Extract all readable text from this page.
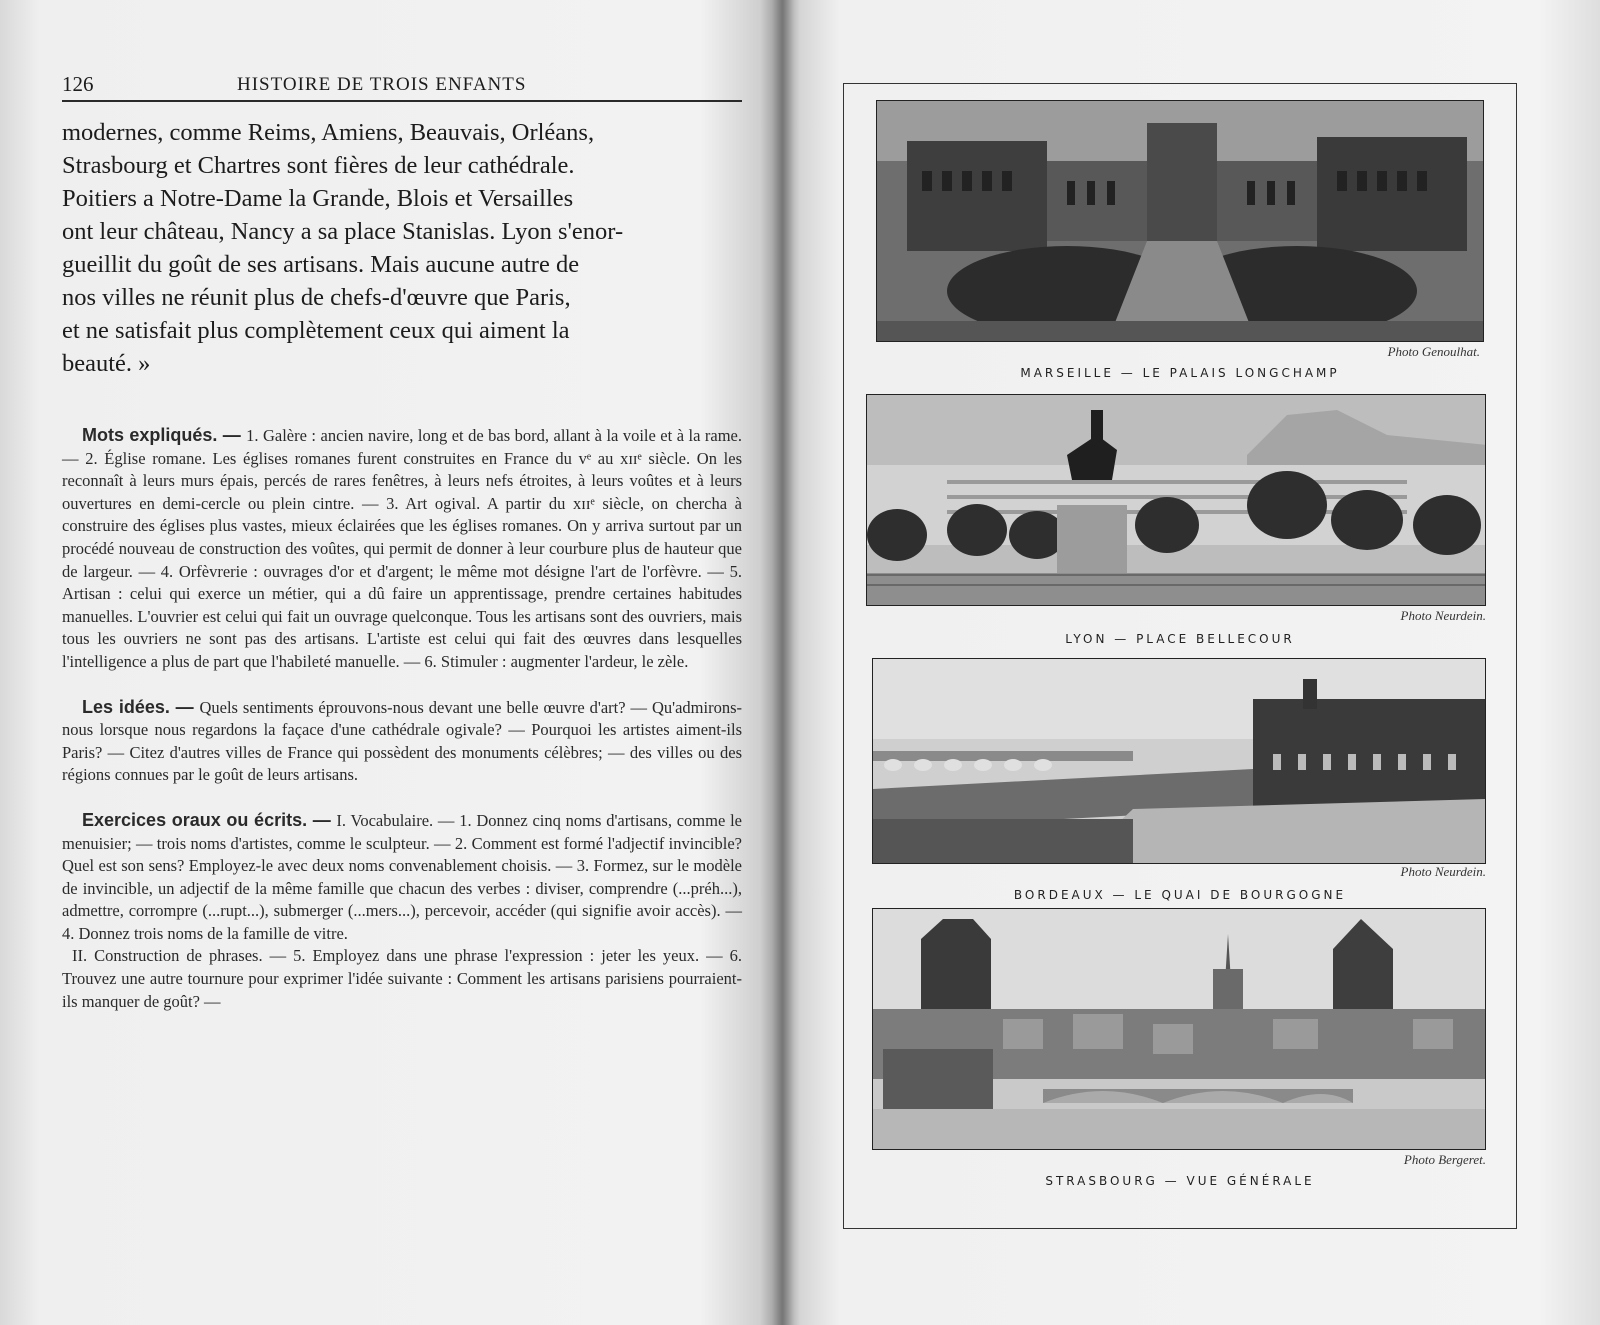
126	HISTOIRE DE TROIS ENFANTS
modernes, comme Reims, Amiens, Beauvais, Orléans,
Strasbourg et Chartres sont fières de leur cathédrale.
Poitiers a Notre-Dame la Grande, Blois et Versailles
ont leur château, Nancy a sa place Stanislas. Lyon s'enor-
gueillit du goût de ses artisans. Mais aucune autre de
nos villes ne réunit plus de chefs-d'œuvre que Paris,
et ne satisfait plus complètement ceux qui aiment la
beauté. »

Mots expliqués. — 1. Galère : ancien navire, long et de bas bord, allant à la voile et à la rame. — 2. Église romane. Les églises romanes furent construites en France du vᵉ au xɪɪᵉ siècle. On les reconnaît à leurs murs épais, percés de rares fenêtres, à leurs nefs étroites, à leurs voûtes et à leurs ouvertures en demi-cercle ou plein cintre. — 3. Art ogival. A partir du xɪɪᵉ siècle, on chercha à construire des églises plus vastes, mieux éclairées que les églises romanes. On y arriva surtout par un procédé nouveau de construction des voûtes, qui permit de donner à leur courbure plus de hauteur que de largeur. — 4. Orfèvrerie : ouvrages d'or et d'argent; le même mot désigne l'art de l'orfèvre. — 5. Artisan : celui qui exerce un métier, qui a dû faire un apprentissage, prendre certaines habitudes manuelles. L'ouvrier est celui qui fait un ouvrage quelconque. Tous les artisans sont des ouvriers, mais tous les ouvriers ne sont pas des artisans. L'artiste est celui qui fait des œuvres dans lesquelles l'intelligence a plus de part que l'habileté manuelle. — 6. Stimuler : augmenter l'ardeur, le zèle.

Les idées. — Quels sentiments éprouvons-nous devant une belle œuvre d'art? — Qu'admirons-nous lorsque nous regardons la façace d'une cathédrale ogivale? — Pourquoi les artistes aiment-ils Paris? — Citez d'autres villes de France qui possèdent des monuments célèbres; — des villes ou des régions connues par le goût de leurs artisans.

Exercices oraux ou écrits. — I. Vocabulaire. — 1. Donnez cinq noms d'artisans, comme le menuisier; — trois noms d'artistes, comme le sculpteur. — 2. Comment est formé l'adjectif invincible? Quel est son sens? Employez-le avec deux noms convenablement choisis. — 3. Formez, sur le modèle de invincible, un adjectif de la même famille que chacun des verbes : diviser, comprendre (...préh...), admettre, corrompre (...rupt...), submerger (...mers...), percevoir, accéder (qui signifie avoir accès). — 4. Donnez trois noms de la famille de vitre.

II. Construction de phrases. — 5. Employez dans une phrase l'expression : jeter les yeux. — 6. Trouvez une autre tournure pour exprimer l'idée suivante : Comment les artisans parisiens pourraient-ils manquer de goût? —

Photo Genoulhat.
MARSEILLE — LE PALAIS LONGCHAMP
Photo Neurdein.
LYON — PLACE BELLECOUR
Photo Neurdein.
BORDEAUX — LE QUAI DE BOURGOGNE
Photo Bergeret.
STRASBOURG — VUE GÉNÉRALE
